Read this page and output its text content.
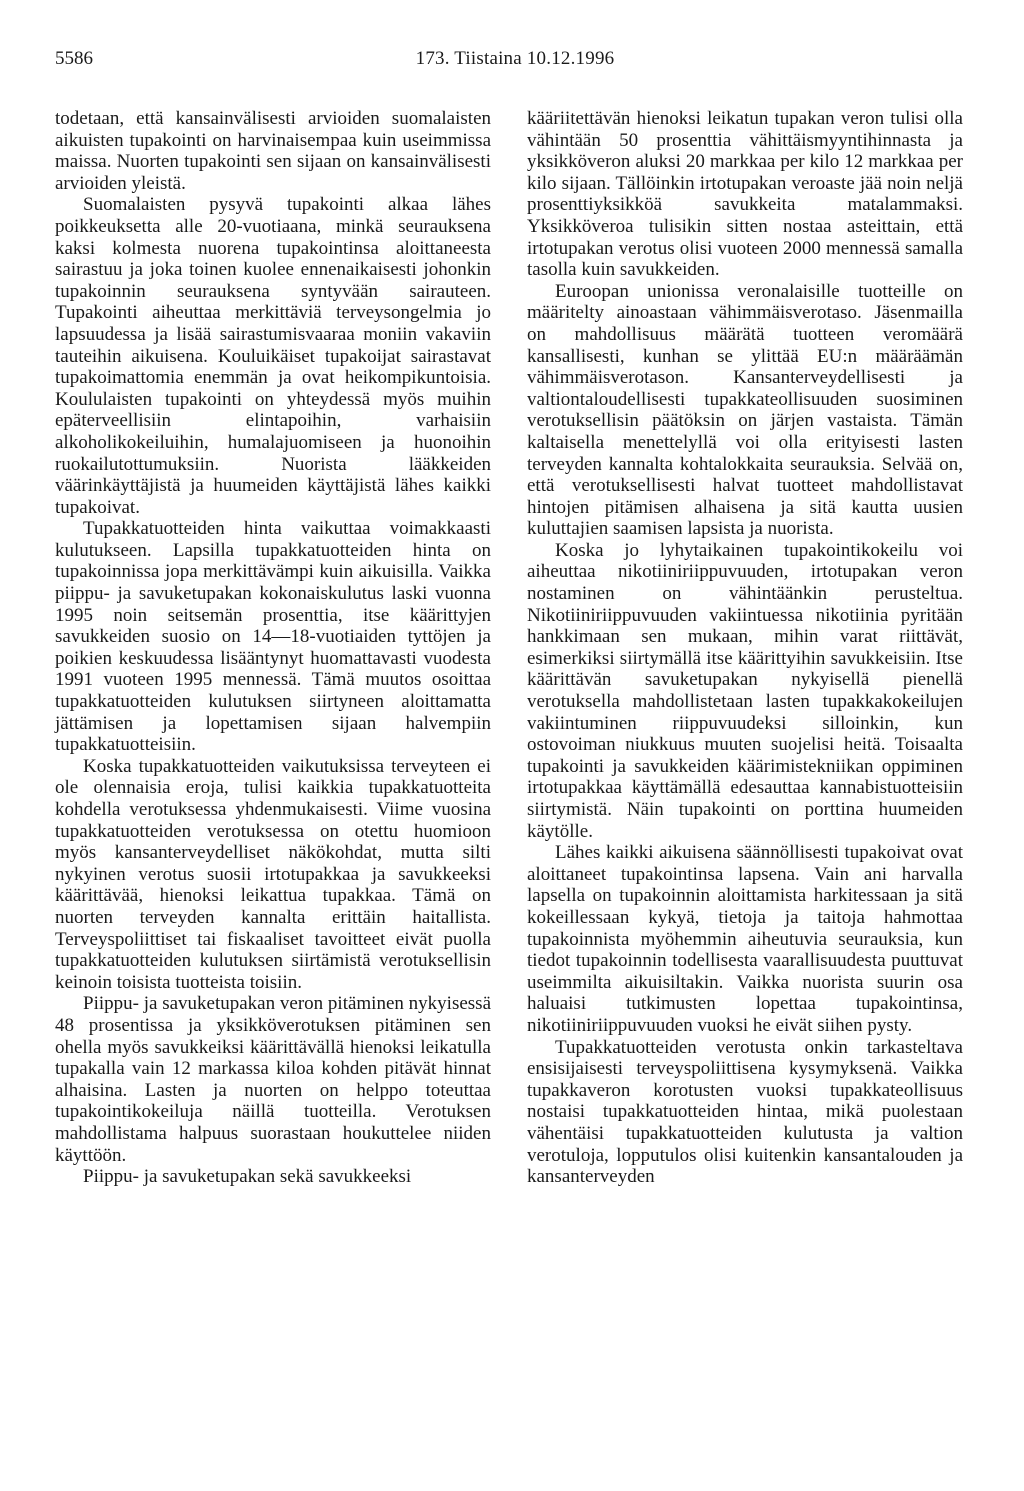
5586	173. Tiistaina 10.12.1996

todetaan, että kansainvälisesti arvioiden suomalaisten aikuisten tupakointi on harvinaisempaa kuin useimmissa maissa. Nuorten tupakointi sen sijaan on kansainvälisesti arvioiden yleistä.

Suomalaisten pysyvä tupakointi alkaa lähes poikkeuksetta alle 20-vuotiaana, minkä seurauksena kaksi kolmesta nuorena tupakointinsa aloittaneesta sairastuu ja joka toinen kuolee ennenaikaisesti johonkin tupakoinnin seurauksena syntyvään sairauteen. Tupakointi aiheuttaa merkittäviä terveysongelmia jo lapsuudessa ja lisää sairastumisvaaraa moniin vakaviin tauteihin aikuisena. Kouluikäiset tupakoijat sairastavat tupakoimattomia enemmän ja ovat heikompikuntoisia. Koululaisten tupakointi on yhteydessä myös muihin epäterveellisiin elintapoihin, varhaisiin alkoholikokeiluihin, humalajuomiseen ja huonoihin ruokailutottumuksiin. Nuorista lääkkeiden väärinkäyttäjistä ja huumeiden käyttäjistä lähes kaikki tupakoivat.

Tupakkatuotteiden hinta vaikuttaa voimakkaasti kulutukseen. Lapsilla tupakkatuotteiden hinta on tupakoinnissa jopa merkittävämpi kuin aikuisilla. Vaikka piippu- ja savuketupakan kokonaiskulutus laski vuonna 1995 noin seitsemän prosenttia, itse käärittyjen savukkeiden suosio on 14—18-vuotiaiden tyttöjen ja poikien keskuudessa lisääntynyt huomattavasti vuodesta 1991 vuoteen 1995 mennessä. Tämä muutos osoittaa tupakkatuotteiden kulutuksen siirtyneen aloittamatta jättämisen ja lopettamisen sijaan halvempiin tupakkatuotteisiin.

Koska tupakkatuotteiden vaikutuksissa terveyteen ei ole olennaisia eroja, tulisi kaikkia tupakkatuotteita kohdella verotuksessa yhdenmukaisesti. Viime vuosina tupakkatuotteiden verotuksessa on otettu huomioon myös kansanterveydelliset näkökohdat, mutta silti nykyinen verotus suosii irtotupakkaa ja savukkeeksi käärittävää, hienoksi leikattua tupakkaa. Tämä on nuorten terveyden kannalta erittäin haitallista. Terveyspoliittiset tai fiskaaliset tavoitteet eivät puolla tupakkatuotteiden kulutuksen siirtämistä verotuksellisin keinoin toisista tuotteista toisiin.

Piippu- ja savuketupakan veron pitäminen nykyisessä 48 prosentissa ja yksikköverotuksen pitäminen sen ohella myös savukkeiksi käärittävällä hienoksi leikatulla tupakalla vain 12 markassa kiloa kohden pitävät hinnat alhaisina. Lasten ja nuorten on helppo toteuttaa tupakointikokeiluja näillä tuotteilla. Verotuksen mahdollistama halpuus suorastaan houkuttelee niiden käyttöön.

Piippu- ja savuketupakan sekä savukkeeksi

kääriitettävän hienoksi leikatun tupakan veron tulisi olla vähintään 50 prosenttia vähittäismyyntihinnasta ja yksikköveron aluksi 20 markkaa per kilo 12 markkaa per kilo sijaan. Tällöinkin irtotupakan veroaste jää noin neljä prosenttiyksikköä savukkeita matalammaksi. Yksikköveroa tulisikin sitten nostaa asteittain, että irtotupakan verotus olisi vuoteen 2000 mennessä samalla tasolla kuin savukkeiden.

Euroopan unionissa veronalaisille tuotteille on määritelty ainoastaan vähimmäisverotaso. Jäsenmailla on mahdollisuus määrätä tuotteen veromäärä kansallisesti, kunhan se ylittää EU:n määräämän vähimmäisverotason. Kansanterveydellisesti ja valtiontaloudellisesti tupakkateollisuuden suosiminen verotuksellisin päätöksin on järjen vastaista. Tämän kaltaisella menettelyllä voi olla erityisesti lasten terveyden kannalta kohtalokkaita seurauksia. Selvää on, että verotuksellisesti halvat tuotteet mahdollistavat hintojen pitämisen alhaisena ja sitä kautta uusien kuluttajien saamisen lapsista ja nuorista.

Koska jo lyhytaikainen tupakointikokeilu voi aiheuttaa nikotiiniriippuvuuden, irtotupakan veron nostaminen on vähintäänkin perusteltua. Nikotiiniriippuvuuden vakiintuessa nikotiinia pyritään hankkimaan sen mukaan, mihin varat riittävät, esimerkiksi siirtymällä itse käärittyihin savukkeisiin. Itse käärittävän savuketupakan nykyisellä pienellä verotuksella mahdollistetaan lasten tupakkakokeilujen vakiintuminen riippuvuudeksi silloinkin, kun ostovoiman niukkuus muuten suojelisi heitä. Toisaalta tupakointi ja savukkeiden käärimistekniikan oppiminen irtotupakkaa käyttämällä edesauttaa kannabistuotteisiin siirtymistä. Näin tupakointi on porttina huumeiden käytölle.

Lähes kaikki aikuisena säännöllisesti tupakoivat ovat aloittaneet tupakointinsa lapsena. Vain ani harvalla lapsella on tupakoinnin aloittamista harkitessaan ja sitä kokeillessaan kykyä, tietoja ja taitoja hahmottaa tupakoinnista myöhemmin aiheutuvia seurauksia, kun tiedot tupakoinnin todellisesta vaarallisuudesta puuttuvat useimmilta aikuisiltakin. Vaikka nuorista suurin osa haluaisi tutkimusten lopettaa tupakointinsa, nikotiiniriippuvuuden vuoksi he eivät siihen pysty.

Tupakkatuotteiden verotusta onkin tarkasteltava ensisijaisesti terveyspoliittisena kysymyksenä. Vaikka tupakkaveron korotusten vuoksi tupakkateollisuus nostaisi tupakkatuotteiden hintaa, mikä puolestaan vähentäisi tupakkatuotteiden kulutusta ja valtion verotuloja, lopputulos olisi kuitenkin kansantalouden ja kansanterveyden
